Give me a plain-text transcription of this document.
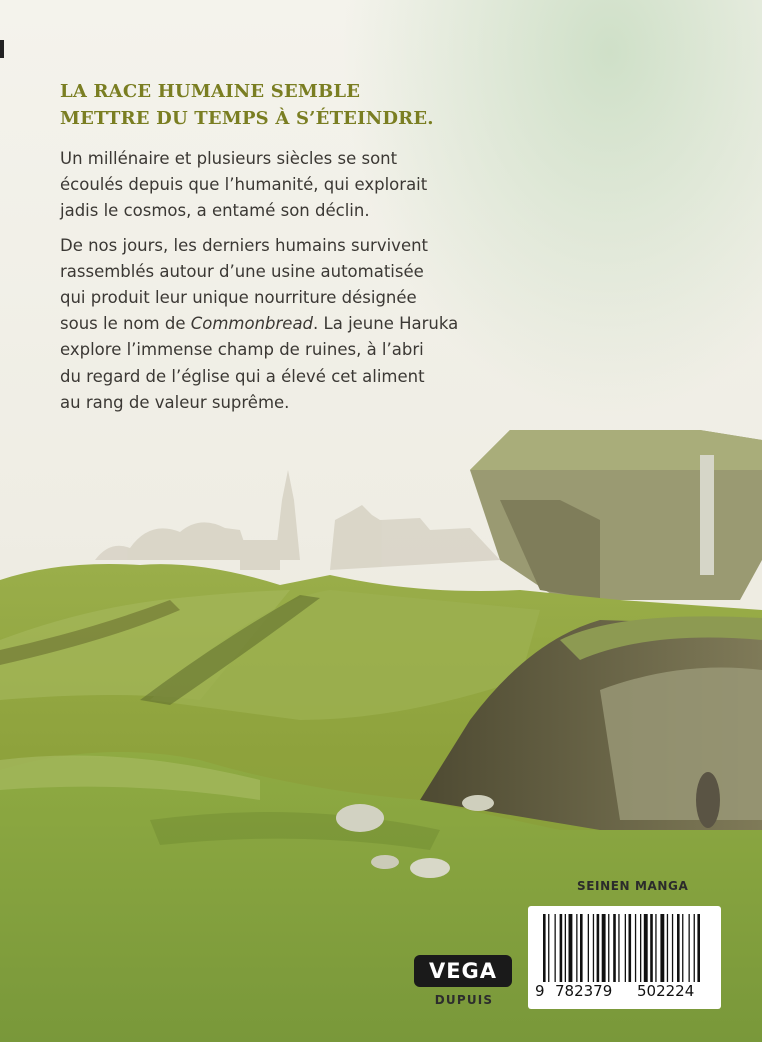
LA RACE HUMAINE SEMBLE
METTRE DU TEMPS À S’ÉTEINDRE.
Un millénaire et plusieurs siècles se sont
écoulés depuis que l’humanité, qui explorait
jadis le cosmos, a entamé son déclin.
De nos jours, les derniers humains survivent
rassemblés autour d’une usine automatisée
qui produit leur unique nourriture désignée
sous le nom de Commonbread. La jeune Haruka
explore l’immense champ de ruines, à l’abri
du regard de l’église qui a élevé cet aliment
au rang de valeur suprême.
SEINEN MANGA
9 782379 502224
VEGA
DUPUIS
